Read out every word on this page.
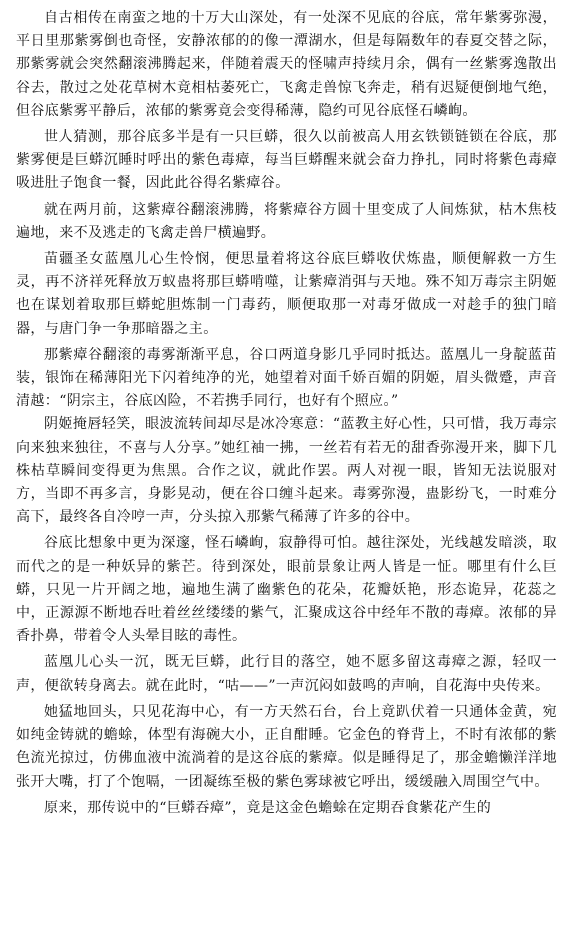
自古相传在南蛮之地的十万大山深处，有一处深不见底的谷底，常年紫雾弥漫，平日里那紫雾倒也奇怪，安静浓郁的的像一潭湖水，但是每隔数年的春夏交替之际，那紫雾就会突然翻滚沸腾起来，伴随着震天的怪啸声持续月余，偶有一丝紫雾逸散出谷去，散过之处花草树木竟相枯萎死亡，飞禽走兽惊飞奔走，稍有迟疑便倒地气绝，但谷底紫雾平静后，浓郁的紫雾竟会变得稀薄，隐约可见谷底怪石嶙峋。

世人猜测，那谷底多半是有一只巨蟒，很久以前被高人用玄铁锁链锁在谷底，那紫雾便是巨蟒沉睡时呼出的紫色毒瘴，每当巨蟒醒来就会奋力挣扎，同时将紫色毒瘴吸进肚子饱食一餐，因此此谷得名紫瘴谷。

就在两月前，这紫瘴谷翻滚沸腾，将紫瘴谷方圆十里变成了人间炼狱，枯木焦枝遍地，来不及逃走的飞禽走兽尸横遍野。

苗疆圣女蓝凰儿心生怜悯，便思量着将这谷底巨蟒收伏炼蛊，顺便解救一方生灵，再不济祥死释放万蚁蛊将那巨蟒啃噬，让紫瘴消弭与天地。殊不知万毒宗主阴姬也在谋划着取那巨蟒蛇胆炼制一门毒药，顺便取那一对毒牙做成一对趁手的独门暗器，与唐门争一争那暗器之主。

那紫瘴谷翻滚的毒雾渐渐平息，谷口两道身影几乎同时抵达。蓝凰儿一身靛蓝苗装，银饰在稀薄阳光下闪着纯净的光，她望着对面千娇百媚的阴姬，眉头微蹙，声音清越：“阴宗主，谷底凶险，不若携手同行，也好有个照应。”

阴姬掩唇轻笑，眼波流转间却尽是冰冷寒意：“蓝教主好心性，只可惜，我万毒宗向来独来独往，不喜与人分享。”她红袖一拂，一丝若有若无的甜香弥漫开来，脚下几株枯草瞬间变得更为焦黑。合作之议，就此作罢。两人对视一眼，皆知无法说服对方，当即不再多言，身影晃动，便在谷口缠斗起来。毒雾弥漫，蛊影纷飞，一时难分高下，最终各自冷哼一声，分头掠入那紫气稀薄了许多的谷中。

谷底比想象中更为深邃，怪石嶙峋，寂静得可怕。越往深处，光线越发暗淡，取而代之的是一种妖异的紫芒。待到深处，眼前景象让两人皆是一怔。哪里有什么巨蟒，只见一片开阔之地，遍地生满了幽紫色的花朵，花瓣妖艳，形态诡异，花蕊之中，正源源不断地吞吐着丝丝缕缕的紫气，汇聚成这谷中经年不散的毒瘴。浓郁的异香扑鼻，带着令人头晕目眩的毒性。

蓝凰儿心头一沉，既无巨蟒，此行目的落空，她不愿多留这毒瘴之源，轻叹一声，便欲转身离去。就在此时，“咕——”一声沉闷如鼓鸣的声响，自花海中央传来。

她猛地回头，只见花海中心，有一方天然石台，台上竟趴伏着一只通体金黄，宛如纯金铸就的蟾蜍，体型有海碗大小，正自酣睡。它金色的脊背上，不时有浓郁的紫色流光掠过，仿佛血液中流淌着的是这谷底的紫瘴。似是睡得足了，那金蟾懒洋洋地张开大嘴，打了个饱嗝，一团凝练至极的紫色雾球被它呼出，缓缓融入周围空气中。

原来，那传说中的“巨蟒吞瘴”，竟是这金色蟾蜍在定期吞食紫花产生的
